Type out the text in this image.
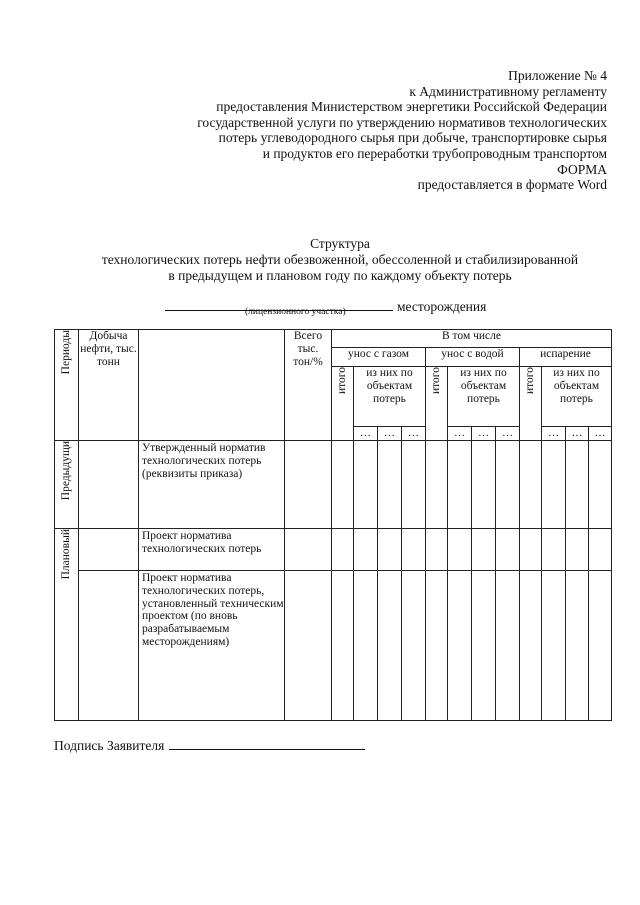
Приложение № 4
к Административному регламенту
предоставления Министерством энергетики Российской Федерации
государственной услуги по утверждению нормативов технологических
потерь углеводородного сырья при добыче, транспортировке сырья
и продуктов его переработки трубопроводным транспортом
ФОРМА
предоставляется в формате Word
Структура
технологических потерь нефти обезвоженной, обессоленной и стабилизированной
в предыдущем и плановом году по каждому объекту потерь
месторождения
(лицензионного участка)
Периоды	Добыча нефти, тыс. тонн		Всего тыс. тон/%	В том числе											
				унос с газом				унос с водой				испарение			
				итого	из них по объектам потерь			итого	из них по объектам потерь			итого	из них по объектам потерь		
					…	…	…		…	…	…		…	…	…
Предыдущи		Утвержденный норматив технологических потерь (реквизиты приказа)													
Плановый		Проект норматива технологических потерь													
		Проект норматива технологических потерь, установленный техническим проектом (по вновь разрабатываемым месторождениям)													
Подпись Заявителя
